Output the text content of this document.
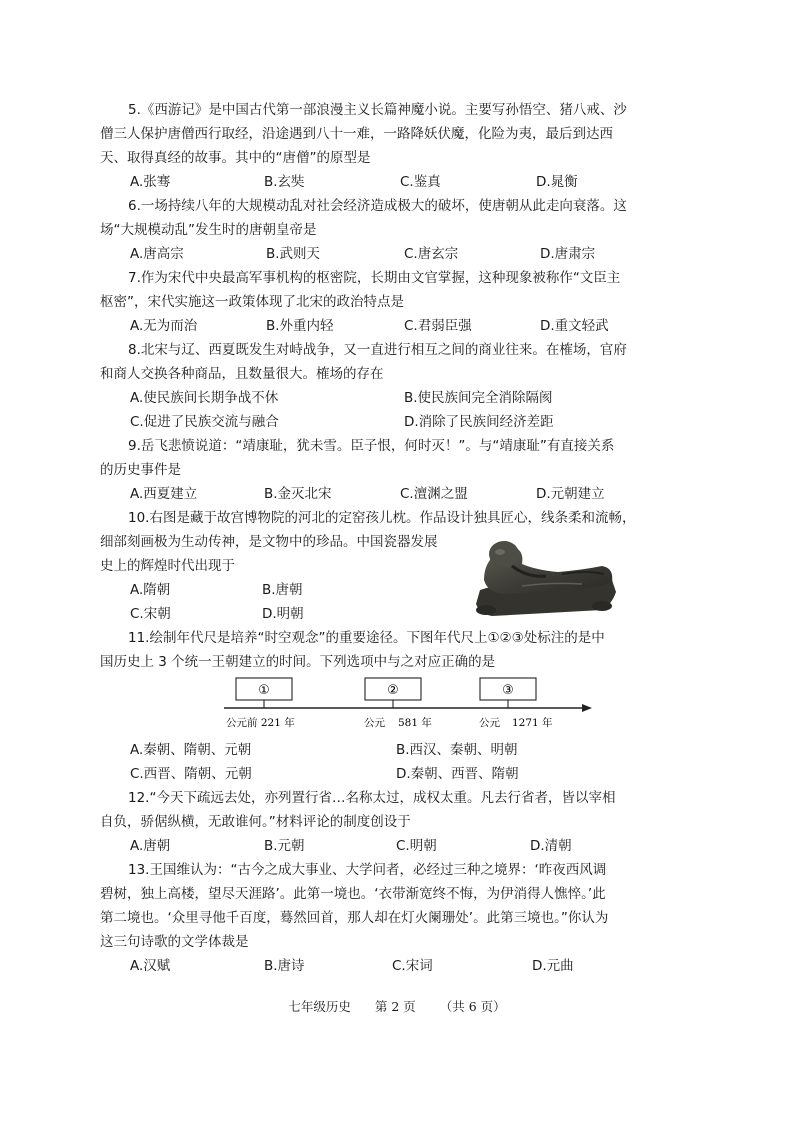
5.《西游记》是中国古代第一部浪漫主义长篇神魔小说。主要写孙悟空、猪八戒、沙
僧三人保护唐僧西行取经，沿途遇到八十一难，一路降妖伏魔，化险为夷，最后到达西
天、取得真经的故事。其中的“唐僧”的原型是
A.张骞	B.玄奘	C.鉴真	D.晁衡
6.一场持续八年的大规模动乱对社会经济造成极大的破坏，使唐朝从此走向衰落。这
场“大规模动乱”发生时的唐朝皇帝是
A.唐高宗	B.武则天	C.唐玄宗	D.唐肃宗
7.作为宋代中央最高军事机构的枢密院，长期由文官掌握，这种现象被称作“文臣主
枢密”，宋代实施这一政策体现了北宋的政治特点是
A.无为而治	B.外重内轻	C.君弱臣强	D.重文轻武
8.北宋与辽、西夏既发生对峙战争，又一直进行相互之间的商业往来。在榷场，官府
和商人交换各种商品，且数量很大。榷场的存在
A.使民族间长期争战不休	B.使民族间完全消除隔阂
C.促进了民族交流与融合	D.消除了民族间经济差距
9.岳飞悲愤说道：“靖康耻，犹未雪。臣子恨，何时灭！”。与“靖康耻”有直接关系
的历史事件是
A.西夏建立	B.金灭北宋	C.澶渊之盟	D.元朝建立
10.右图是藏于故宫博物院的河北的定窑孩儿枕。作品设计独具匠心，线条柔和流畅，
细部刻画极为生动传神，是文物中的珍品。中国瓷器发展
史上的辉煌时代出现于
A.隋朝	B.唐朝
C.宋朝	D.明朝
11.绘制年代尺是培养“时空观念”的重要途径。下图年代尺上①②③处标注的是中
国历史上 3 个统一王朝建立的时间。下列选项中与之对应正确的是
①	②	③
公元前 221 年	公元 581 年	公元 1271 年
A.秦朝、隋朝、元朝	B.西汉、秦朝、明朝
C.西晋、隋朝、元朝	D.秦朝、西晋、隋朝
12.“今天下疏远去处，亦列置行省…名称太过，成权太重。凡去行省者，皆以宰相
自负，骄倨纵横，无敢谁何。”材料评论的制度创设于
A.唐朝	B.元朝	C.明朝	D.清朝
13.王国维认为：“古今之成大事业、大学问者，必经过三种之境界：‘昨夜西风调
碧树，独上高楼，望尽天涯路’。此第一境也。‘衣带渐宽终不悔，为伊消得人憔悴。’此
第二境也。‘众里寻他千百度，蓦然回首，那人却在灯火阑珊处’。此第三境也。”你认为
这三句诗歌的文学体裁是
A.汉赋	B.唐诗	C.宋词	D.元曲
七年级历史 第 2 页 （共 6 页）
